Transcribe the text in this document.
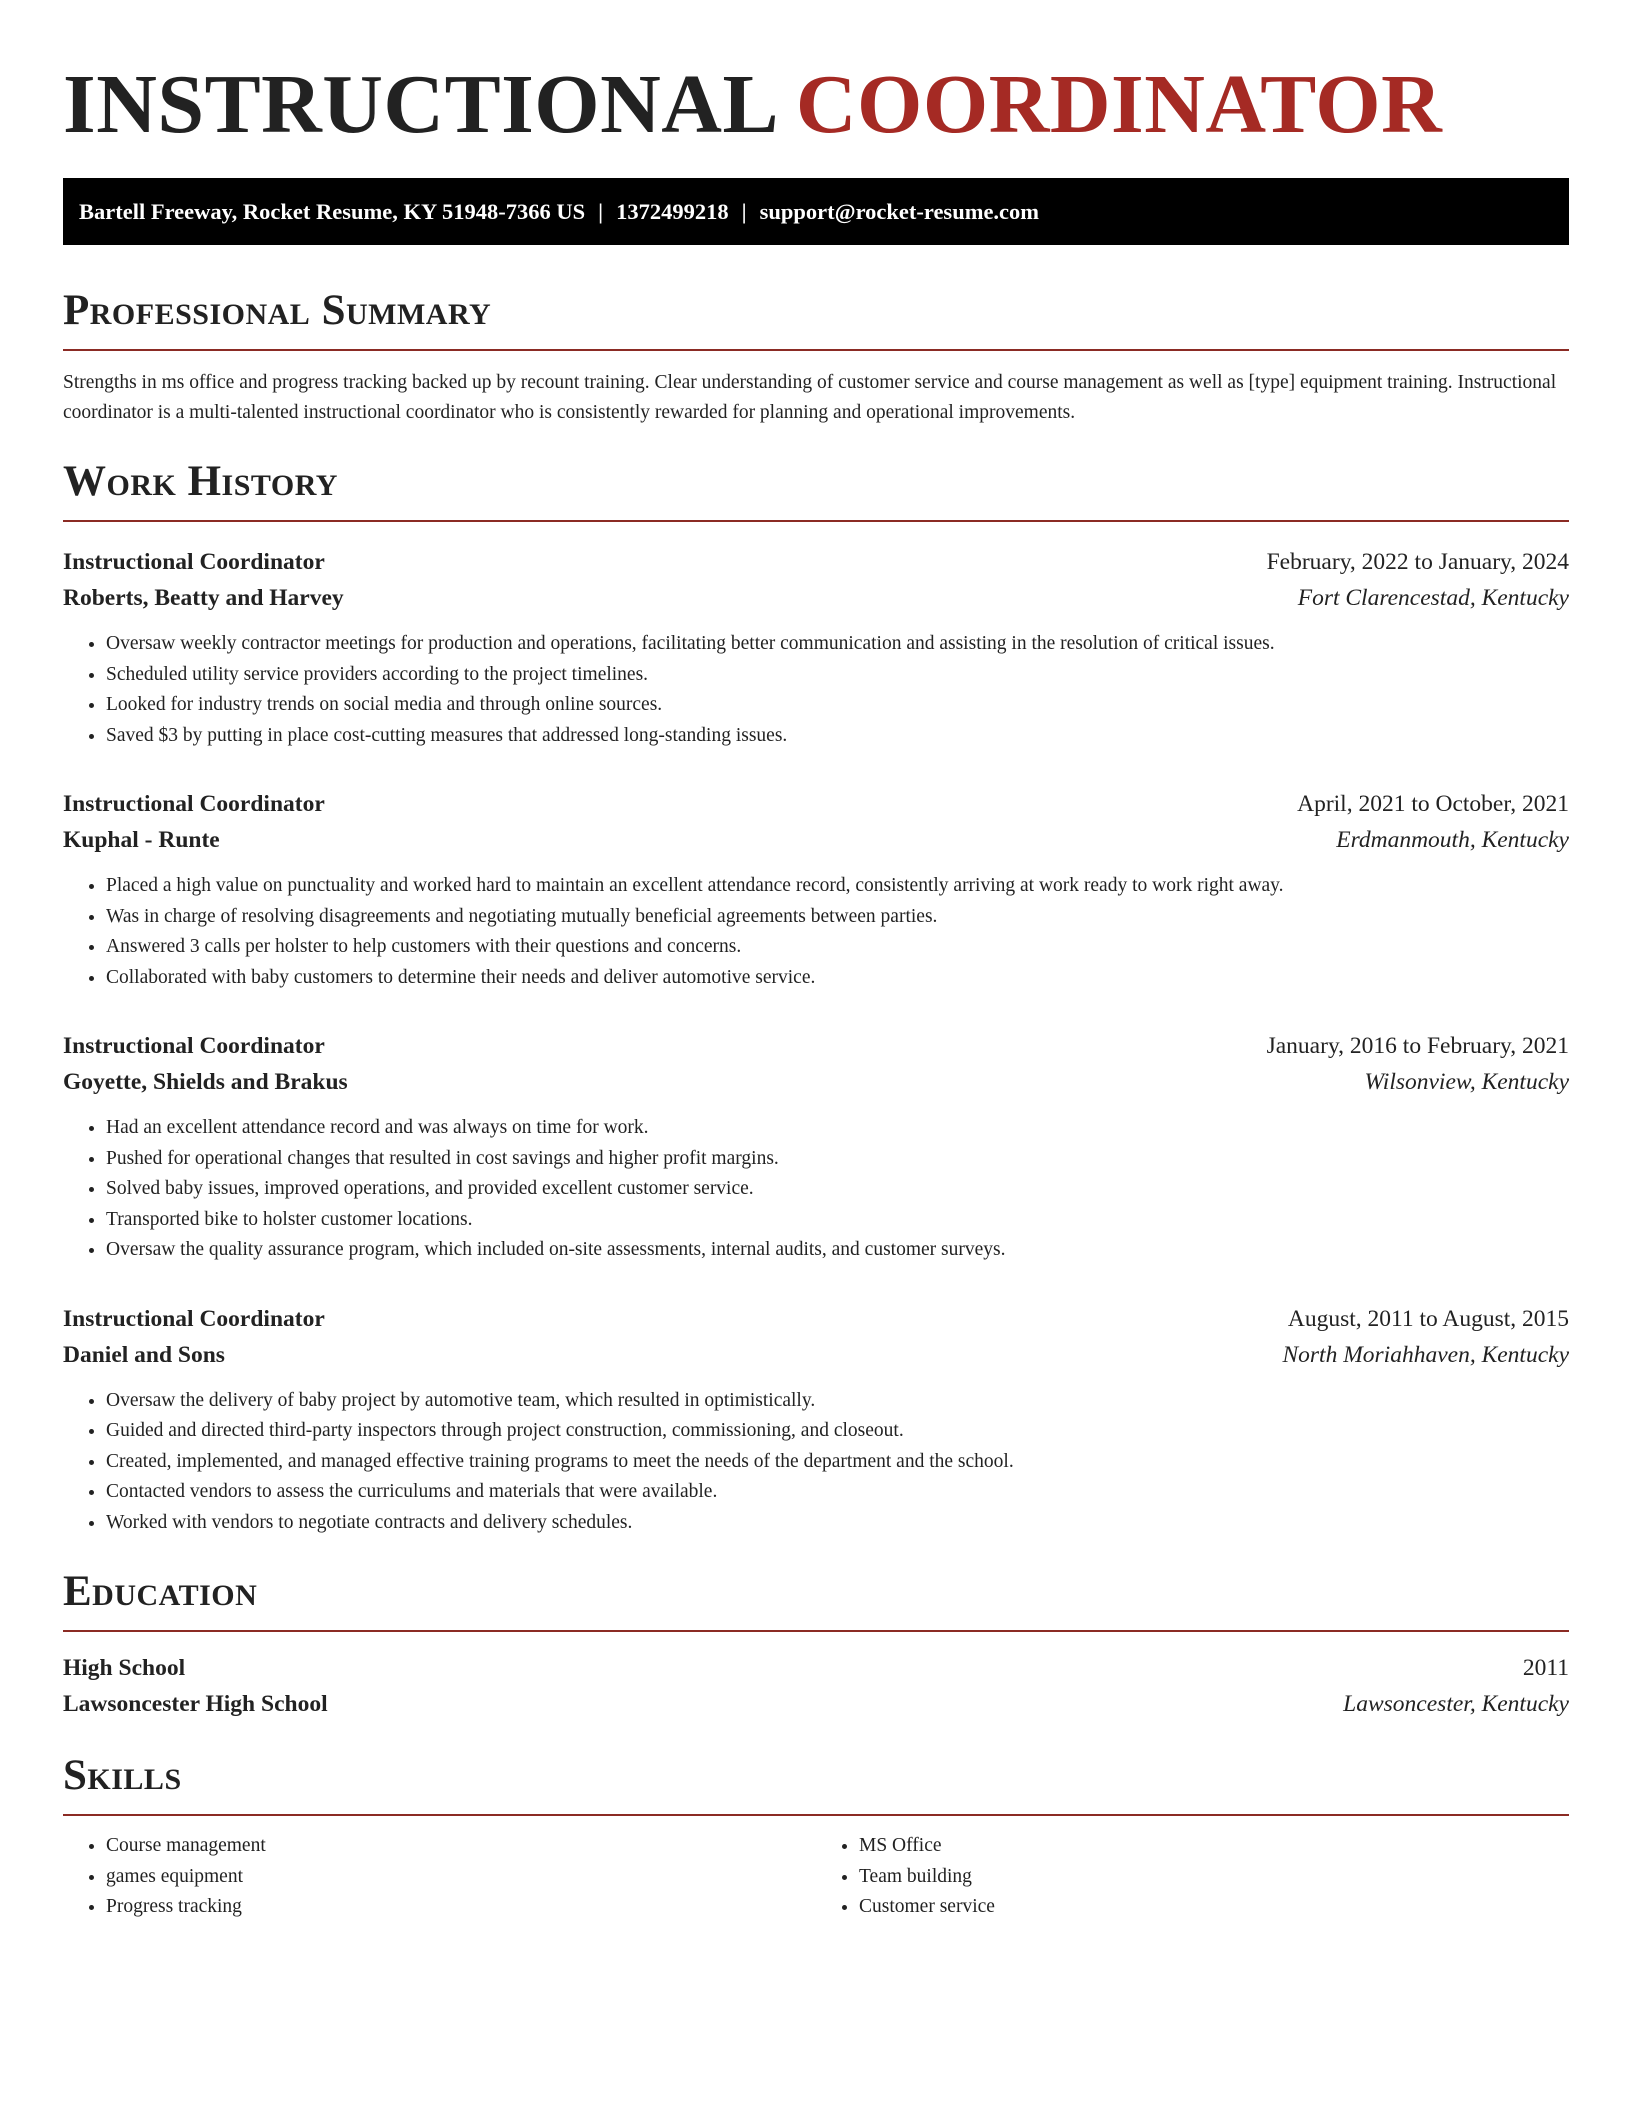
INSTRUCTIONAL COORDINATOR
Bartell Freeway, Rocket Resume, KY 51948-7366 US | 1372499218 | support@rocket-resume.com
Professional Summary

Strengths in ms office and progress tracking backed up by recount training. Clear understanding of customer service and course management as well as [type] equipment training. Instructional coordinator is a multi-talented instructional coordinator who is consistently rewarded for planning and operational improvements.

Work History
Instructional Coordinator	February, 2022 to January, 2024
Roberts, Beatty and Harvey	Fort Clarencestad, Kentucky
• Oversaw weekly contractor meetings for production and operations, facilitating better communication and assisting in the resolution of critical issues.
• Scheduled utility service providers according to the project timelines.
• Looked for industry trends on social media and through online sources.
• Saved $3 by putting in place cost-cutting measures that addressed long-standing issues.
Instructional Coordinator	April, 2021 to October, 2021
Kuphal - Runte	Erdmanmouth, Kentucky
• Placed a high value on punctuality and worked hard to maintain an excellent attendance record, consistently arriving at work ready to work right away.
• Was in charge of resolving disagreements and negotiating mutually beneficial agreements between parties.
• Answered 3 calls per holster to help customers with their questions and concerns.
• Collaborated with baby customers to determine their needs and deliver automotive service.
Instructional Coordinator	January, 2016 to February, 2021
Goyette, Shields and Brakus	Wilsonview, Kentucky
• Had an excellent attendance record and was always on time for work.
• Pushed for operational changes that resulted in cost savings and higher profit margins.
• Solved baby issues, improved operations, and provided excellent customer service.
• Transported bike to holster customer locations.
• Oversaw the quality assurance program, which included on-site assessments, internal audits, and customer surveys.
Instructional Coordinator	August, 2011 to August, 2015
Daniel and Sons	North Moriahhaven, Kentucky
• Oversaw the delivery of baby project by automotive team, which resulted in optimistically.
• Guided and directed third-party inspectors through project construction, commissioning, and closeout.
• Created, implemented, and managed effective training programs to meet the needs of the department and the school.
• Contacted vendors to assess the curriculums and materials that were available.
• Worked with vendors to negotiate contracts and delivery schedules.
Education
High School	2011
Lawsoncester High School	Lawsoncester, Kentucky
Skills
• Course management
• games equipment
• Progress tracking
• MS Office
• Team building
• Customer service
